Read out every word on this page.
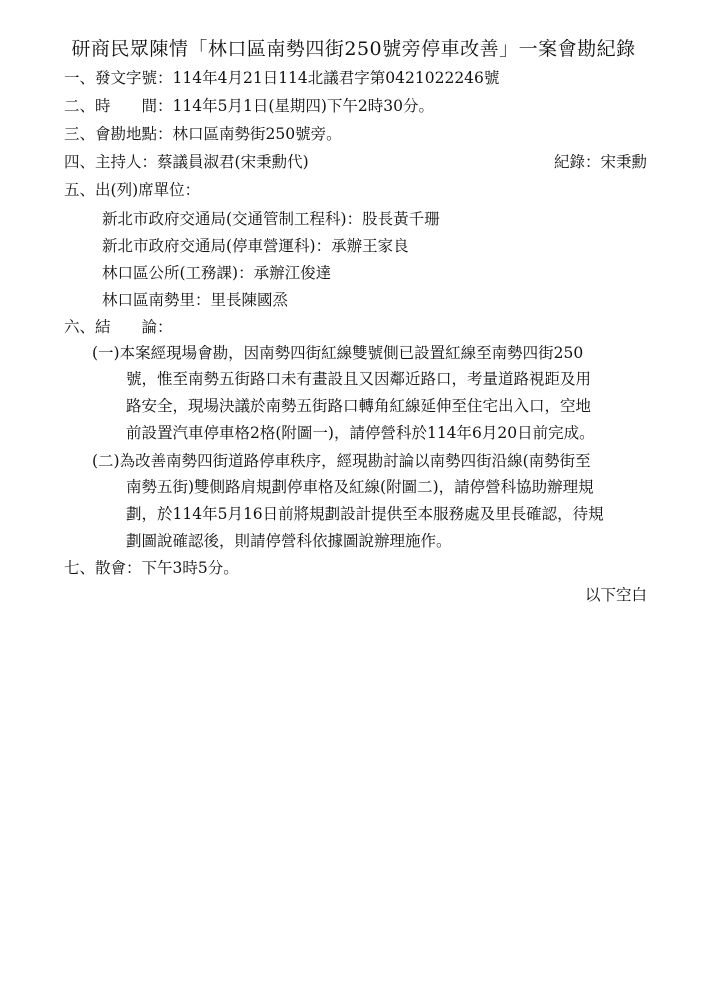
研商民眾陳情「林口區南勢四街250號旁停車改善」一案會勘紀錄
一、發文字號：114年4月21日114北議君字第0421022246號
二、時　　間：114年5月1日(星期四)下午2時30分。
三、會勘地點：林口區南勢街250號旁。
四、主持人：蔡議員淑君(宋秉勳代)	紀錄：宋秉勳
五、出(列)席單位：
新北市政府交通局(交通管制工程科)：股長黃千珊
新北市政府交通局(停車營運科)：承辦王家良
林口區公所(工務課)：承辦江俊達
林口區南勢里：里長陳國烝
六、結　　論：
(一)本案經現場會勘，因南勢四街紅線雙號側已設置紅線至南勢四街250
號，惟至南勢五街路口未有畫設且又因鄰近路口，考量道路視距及用
路安全，現場決議於南勢五街路口轉角紅線延伸至住宅出入口，空地
前設置汽車停車格2格(附圖一)，請停營科於114年6月20日前完成。
(二)為改善南勢四街道路停車秩序，經現勘討論以南勢四街沿線(南勢街至
南勢五街)雙側路肩規劃停車格及紅線(附圖二)，請停營科協助辦理規
劃，於114年5月16日前將規劃設計提供至本服務處及里長確認，待規
劃圖說確認後，則請停營科依據圖說辦理施作。
七、散會：下午3時5分。
以下空白
